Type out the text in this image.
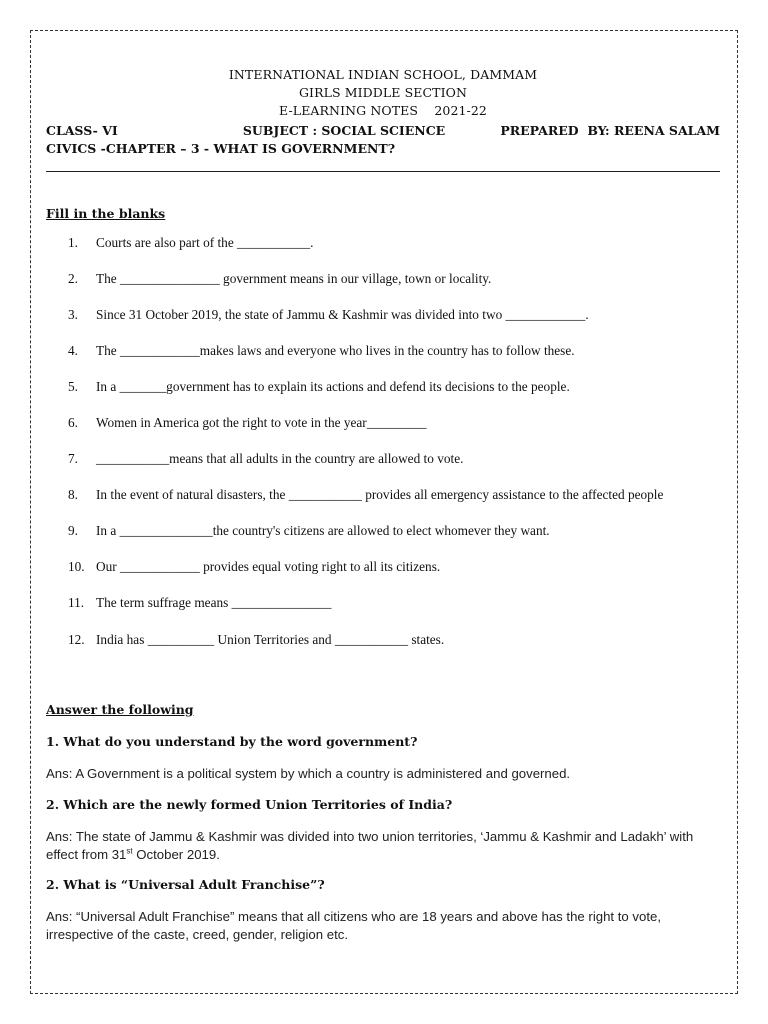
INTERNATIONAL INDIAN SCHOOL, DAMMAM
GIRLS MIDDLE SECTION
E-LEARNING NOTES    2021-22
CLASS- VI	SUBJECT : SOCIAL SCIENCE	PREPARED  BY: REENA SALAM
CIVICS -CHAPTER – 3 - WHAT IS GOVERNMENT?
Fill in the blanks
1. Courts are also part of the ___________.
2. The _______________ government means in our village, town or locality.
3. Since 31 October 2019, the state of Jammu & Kashmir was divided into two ____________.
4. The ____________makes laws and everyone who lives in the country has to follow these.
5. In a _______government has to explain its actions and defend its decisions to the people.
6. Women in America got the right to vote in the year_________
7. ___________means that all adults in the country are allowed to vote.
8. In the event of natural disasters, the ___________ provides all emergency assistance to the affected people
9. In a ______________the country's citizens are allowed to elect whomever they want.
10. Our ____________ provides equal voting right to all its citizens.
11. The term suffrage means _______________
12. India has __________ Union Territories and ___________ states.
Answer the following
1. What do you understand by the word government?
Ans: A Government is a political system by which a country is administered and governed.
2. Which are the newly formed Union Territories of India?
Ans: The state of Jammu & Kashmir was divided into two union territories, ‘Jammu & Kashmir and Ladakh’ with effect from 31st October 2019.
2. What is “Universal Adult Franchise”?
Ans: “Universal Adult Franchise” means that all citizens who are 18 years and above has the right to vote, irrespective of the caste, creed, gender, religion etc.
